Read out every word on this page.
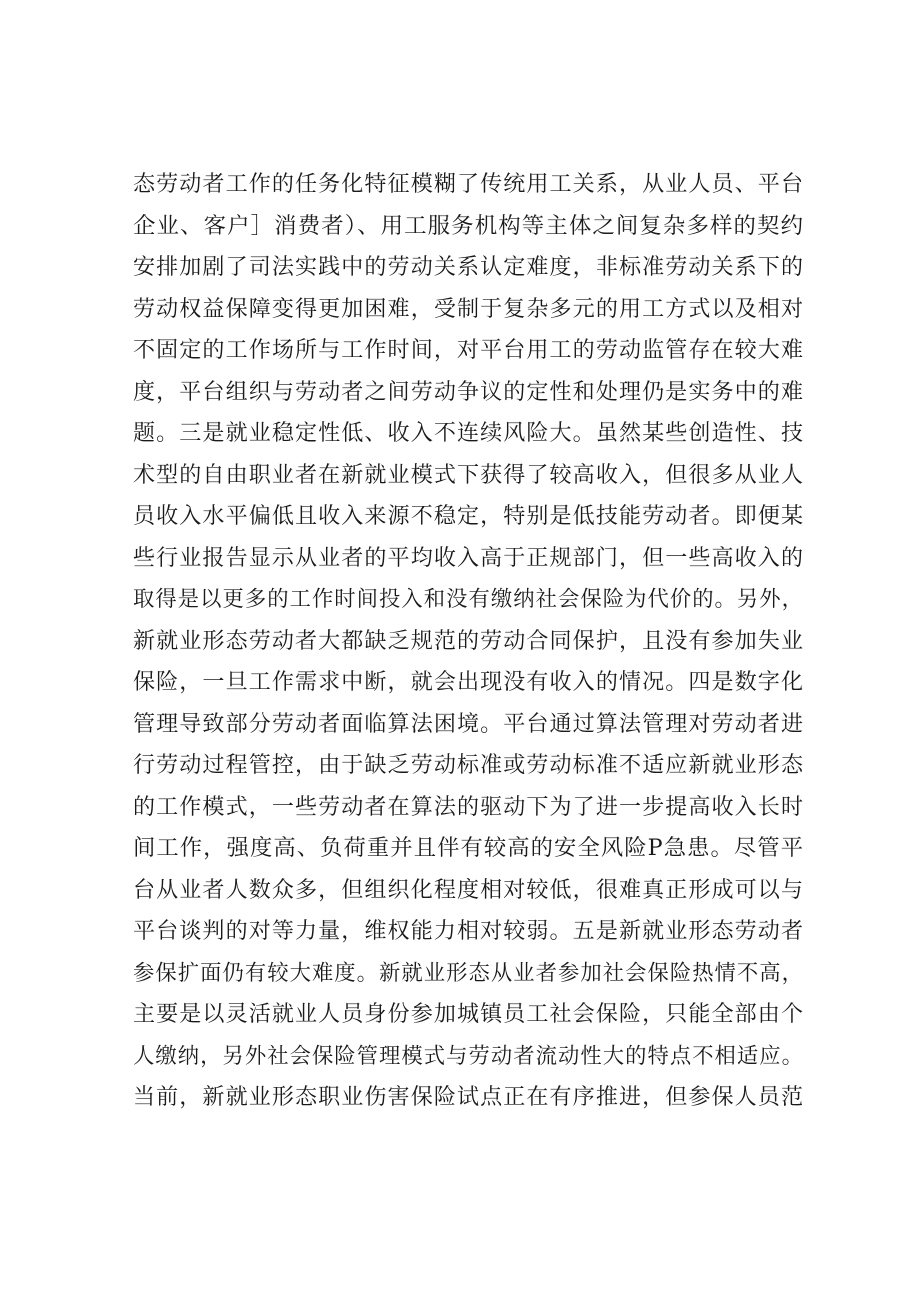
态劳动者工作的任务化特征模糊了传统用工关系，从业人员、平台
企业、客户］消费者）、用工服务机构等主体之间复杂多样的契约
安排加剧了司法实践中的劳动关系认定难度，非标准劳动关系下的
劳动权益保障变得更加困难，受制于复杂多元的用工方式以及相对
不固定的工作场所与工作时间，对平台用工的劳动监管存在较大难
度，平台组织与劳动者之间劳动争议的定性和处理仍是实务中的难
题。三是就业稳定性低、收入不连续风险大。虽然某些创造性、技
术型的自由职业者在新就业模式下获得了较高收入，但很多从业人
员收入水平偏低且收入来源不稳定，特别是低技能劳动者。即便某
些行业报告显示从业者的平均收入高于正规部门，但一些高收入的
取得是以更多的工作时间投入和没有缴纳社会保险为代价的。另外，
新就业形态劳动者大都缺乏规范的劳动合同保护，且没有参加失业
保险，一旦工作需求中断，就会出现没有收入的情况。四是数字化
管理导致部分劳动者面临算法困境。平台通过算法管理对劳动者进
行劳动过程管控，由于缺乏劳动标准或劳动标准不适应新就业形态
的工作模式，一些劳动者在算法的驱动下为了进一步提高收入长时
间工作，强度高、负荷重并且伴有较高的安全风险P急患。尽管平
台从业者人数众多，但组织化程度相对较低，很难真正形成可以与
平台谈判的对等力量，维权能力相对较弱。五是新就业形态劳动者
参保扩面仍有较大难度。新就业形态从业者参加社会保险热情不高，
主要是以灵活就业人员身份参加城镇员工社会保险，只能全部由个
人缴纳，另外社会保险管理模式与劳动者流动性大的特点不相适应。
当前，新就业形态职业伤害保险试点正在有序推进，但参保人员范
